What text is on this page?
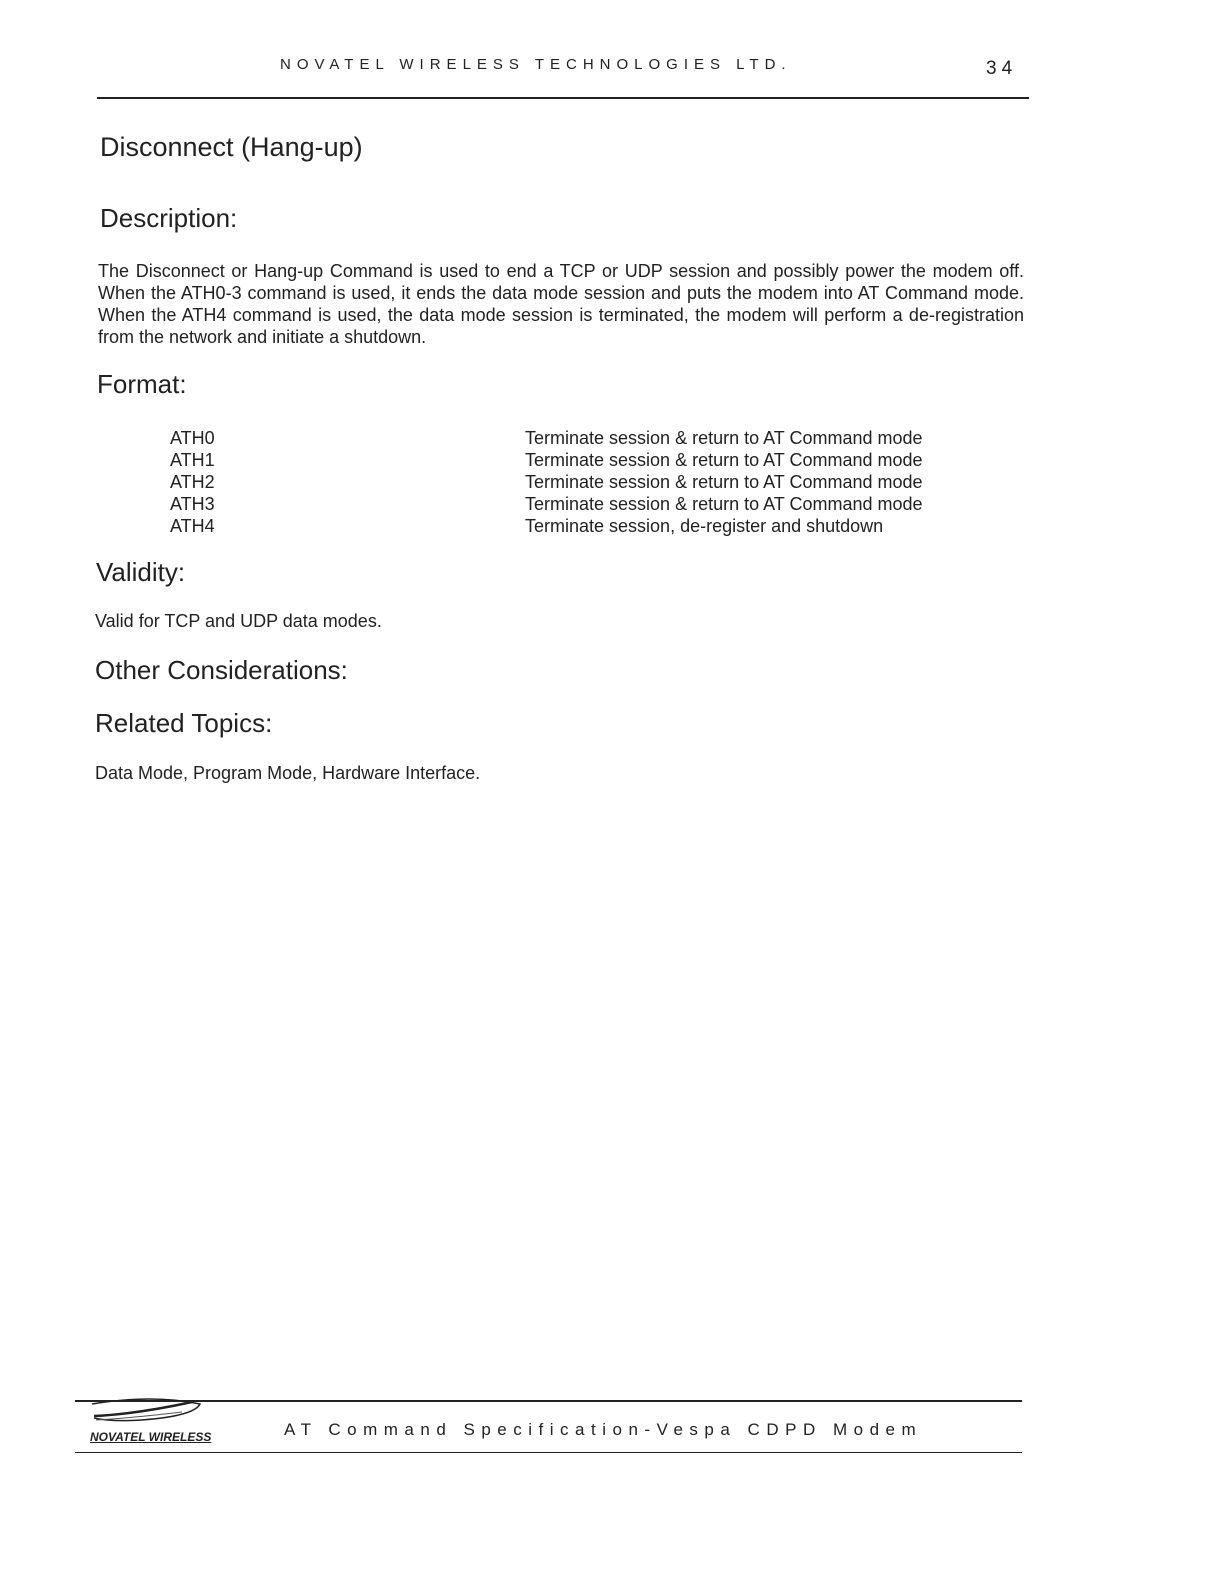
NOVATEL WIRELESS TECHNOLOGIES LTD.	34
Disconnect (Hang-up)
Description:

The Disconnect or Hang-up Command is used to end a TCP or UDP session and possibly power the modem off. When the ATH0-3 command is used, it ends the data mode session and puts the modem into AT Command mode. When the ATH4 command is used, the data mode session is terminated, the modem will perform a de-registration from the network and initiate a shutdown.

Format:
ATH0	Terminate session & return to AT Command mode
ATH1	Terminate session & return to AT Command mode
ATH2	Terminate session & return to AT Command mode
ATH3	Terminate session & return to AT Command mode
ATH4	Terminate session, de-register and shutdown
Validity:

Valid for TCP and UDP data modes.

Other Considerations:
Related Topics:

Data Mode, Program Mode, Hardware Interface.

NOVATEL WIRELESS	AT Command Specification-Vespa CDPD Modem
